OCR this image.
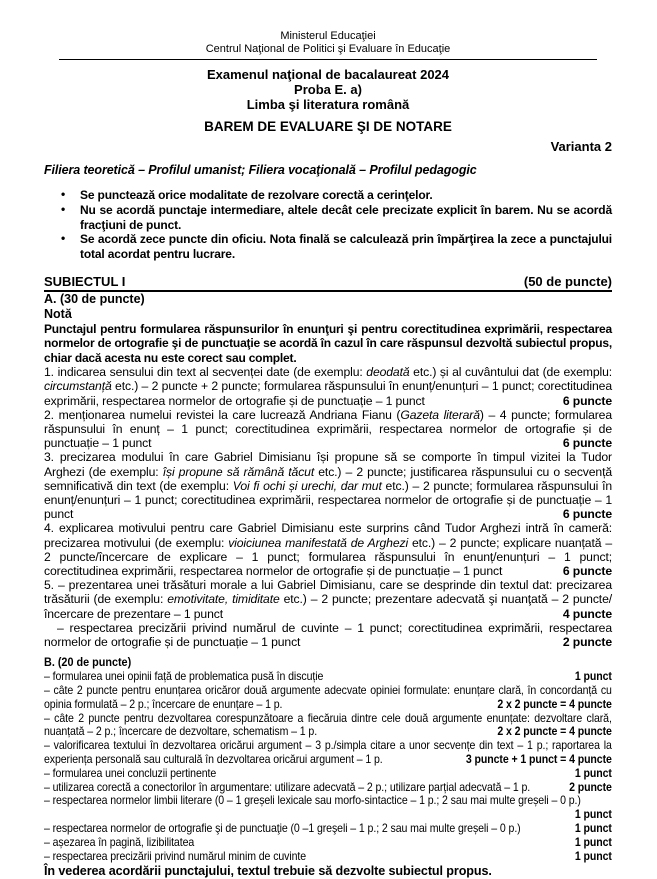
Ministerul Educaţiei
Centrul Naţional de Politici şi Evaluare în Educaţie
Examenul naţional de bacalaureat 2024
Proba E. a)
Limba şi literatura română
BAREM DE EVALUARE ŞI DE NOTARE
Varianta 2
Filiera teoretică – Profilul umanist; Filiera vocaţională – Profilul pedagogic
• Se punctează orice modalitate de rezolvare corectă a cerinţelor.
• Nu se acordă punctaje intermediare, altele decât cele precizate explicit în barem. Nu se acordă fracţiuni de punct.
• Se acordă zece puncte din oficiu. Nota finală se calculează prin împărţirea la zece a punctajului total acordat pentru lucrare.
SUBIECTUL I	(50 de puncte)
A. (30 de puncte)
Notă
Punctajul pentru formularea răspunsurilor în enunţuri şi pentru corectitudinea exprimării, respectarea normelor de ortografie şi de punctuaţie se acordă în cazul în care răspunsul dezvoltă subiectul propus, chiar dacă acesta nu este corect sau complet.
1. indicarea sensului din text al secvenței date (de exemplu: deodată etc.) și al cuvântului dat (de exemplu: circumstanță etc.) – 2 puncte + 2 puncte; formularea răspunsului în enunț/enunțuri – 1 punct; corectitudinea exprimării, respectarea normelor de ortografie și de punctuație – 1 punct	6 puncte
2. menționarea numelui revistei la care lucrează Andriana Fianu (Gazeta literară) – 4 puncte; formularea răspunsului în enunț – 1 punct; corectitudinea exprimării, respectarea normelor de ortografie și de punctuație – 1 punct	6 puncte
3. precizarea modului în care Gabriel Dimisianu își propune să se comporte în timpul vizitei la Tudor Arghezi (de exemplu: își propune să rămână tăcut etc.) – 2 puncte; justificarea răspunsului cu o secvență semnificativă din text (de exemplu: Voi fi ochi și urechi, dar mut etc.) – 2 puncte; formularea răspunsului în enunț/enunțuri – 1 punct; corectitudinea exprimării, respectarea normelor de ortografie și de punctuație – 1 punct	6 puncte
4. explicarea motivului pentru care Gabriel Dimisianu este surprins când Tudor Arghezi intră în cameră: precizarea motivului (de exemplu: vioiciunea manifestată de Arghezi etc.) – 2 puncte; explicare nuanțată – 2 puncte/încercare de explicare – 1 punct; formularea răspunsului în enunț/enunțuri – 1 punct; corectitudinea exprimării, respectarea normelor de ortografie și de punctuație – 1 punct	6 puncte
5. – prezentarea unei trăsături morale a lui Gabriel Dimisianu, care se desprinde din textul dat: precizarea trăsăturii (de exemplu: emotivitate, timiditate etc.) – 2 puncte; prezentare adecvată şi nuanţată – 2 puncte/încercare de prezentare – 1 punct	4 puncte
– respectarea precizării privind numărul de cuvinte – 1 punct; corectitudinea exprimării, respectarea normelor de ortografie și de punctuație – 1 punct	2 puncte
B. (20 de puncte)
– formularea unei opinii față de problematica pusă în discuție	1 punct
– câte 2 puncte pentru enunțarea oricăror două argumente adecvate opiniei formulate: enunțare clară, în concordanță cu opinia formulată – 2 p.; încercare de enunțare – 1 p.	2 x 2 puncte = 4 puncte
– câte 2 puncte pentru dezvoltarea corespunzătoare a fiecăruia dintre cele două argumente enunțate: dezvoltare clară, nuanțată – 2 p.; încercare de dezvoltare, schematism – 1 p.	2 x 2 puncte = 4 puncte
– valorificarea textului în dezvoltarea oricărui argument – 3 p./simpla citare a unor secvențe din text – 1 p.; raportarea la experiența personală sau culturală în dezvoltarea oricărui argument – 1 p.	3 puncte + 1 punct = 4 puncte
– formularea unei concluzii pertinente	1 punct
– utilizarea corectă a conectorilor în argumentare: utilizare adecvată – 2 p.; utilizare parțial adecvată – 1 p.	2 puncte
– respectarea normelor limbii literare (0 – 1 greșeli lexicale sau morfo-sintactice – 1 p.; 2 sau mai multe greșeli – 0 p.)
1 punct
– respectarea normelor de ortografie şi de punctuaţie (0 –1 greşeli – 1 p.; 2 sau mai multe greșeli – 0 p.)	1 punct
– așezarea în pagină, lizibilitatea	1 punct
– respectarea precizării privind numărul minim de cuvinte	1 punct
În vederea acordării punctajului, textul trebuie să dezvolte subiectul propus.
